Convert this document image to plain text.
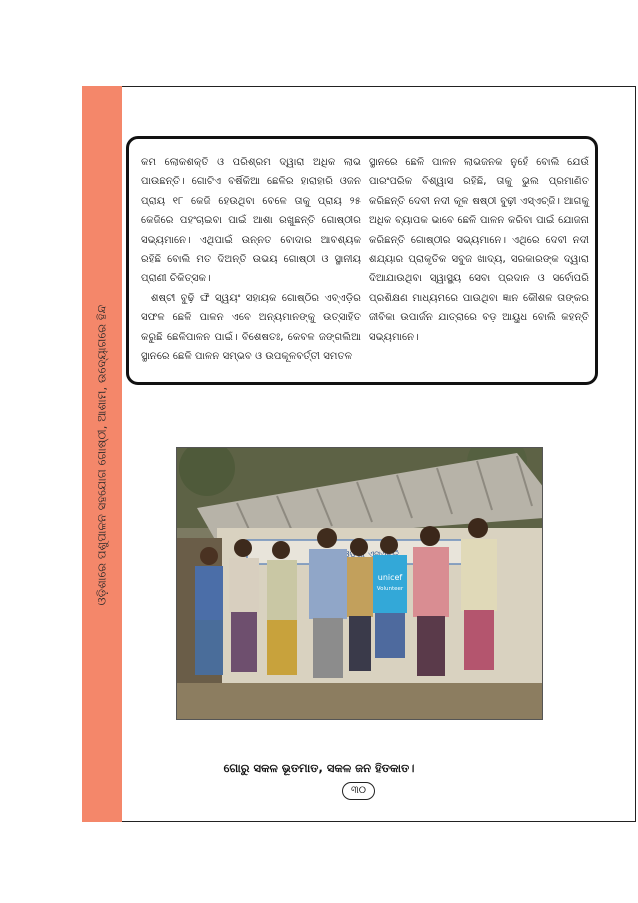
ଓଡ଼ିଶାରେ ପଶୁପାଳନ ସହଯୋଗ ଗୋଷ୍ଠୀ, ଆଶାମ, ଉଦ୍ୟୋଗରେ ହିନ୍ଦ

କମ ଲୋକଶକ୍ତି ଓ ପରିଶ୍ରମ ଦ୍ୱାରା ଅଧିକ ଲାଭ ପାଉଛନ୍ତି। ଗୋଟିଏ ବର୍ଷିକିଆ ଛେଳିର ହାରାହାରି ଓଜନ ପ୍ରାୟ ୧୮ କେଜି ହେଉଥିବା ବେଳେ ତାକୁ ପ୍ରାୟ ୨୫ କେଜିରେ ପହଂଚାଇବା ପାଇଁ ଆଶା ରଖୁଛନ୍ତି ଗୋଷ୍ଠୀର ସଭ୍ୟମାନେ। ଏଥିପାଇଁ ଉନ୍ନତ ବୋଦାର ଆବଶ୍ୟକ ରହିଛି ବୋଲି ମତ ଦିଅନ୍ତି ଉଭୟ ଗୋଷ୍ଠୀ ଓ ସ୍ଥାନୀୟ ପ୍ରାଣୀ ଚିକିତ୍ସକ।

ଶଷ୍ଟୀ ବୁଢ଼ି ଙ୍ଘି ସ୍ୱୟଂ ସହାୟକ ଗୋଷ୍ଠିର ଏବ୍‌ଏଡ଼ିର ସଫଳ ଛେଳି ପାଳନ ଏବେ ଅନ୍ୟମାନଙ୍କୁ ଉତ୍ସାହିତ କରୁଛି ଛେଳିପାଳନ ପାଇଁ। ବିଶେଷତଃ, କେବଳ ଜଙ୍ଗଲିଆ ସ୍ଥାନରେ ଛେଳି ପାଳନ ସମ୍ଭବ ଓ ଉପକୂଳବର୍ତ୍ତୀ ସମତଳ

ସ୍ଥାନରେ ଛେଳି ପାଳନ ଲାଭଜନକ ନୁହେଁ ବୋଲି ଯେଉଁ ପାରଂପରିକ ବିଶ୍ୱାସ ରହିଛି, ତାକୁ ଭୁଲ ପ୍ରମାଣିତ କରିଛନ୍ତି ଦେବୀ ନଦୀ କୂଳ ଷଷ୍ଠୀ ବୁଢ଼ୀ ଏସ୍‌ଏଚ୍‌ଜି। ଆଗକୁ ଅଧିକ ବ୍ୟାପକ ଭାବେ ଛେଳି ପାଳନ କରିବା ପାଇଁ ଯୋଜନା କରିଛନ୍ତି ଗୋଷ୍ଠୀର ସଭ୍ୟମାନେ। ଏଥିରେ ଦେବୀ ନଦୀ ଶଯ୍ୟାର ପ୍ରାକୃତିକ ସବୁଜ ଖାଦ୍ୟ, ସରକାରଙ୍କ ଦ୍ୱାରା ଦିଆଯାଉଥିବା ସ୍ୱାସ୍ଥ୍ୟ ସେବା ପ୍ରଦାନ ଓ ସର୍ବୋପରି ପ୍ରଶିକ୍ଷଣ ମାଧ୍ୟମରେ ପାଉଥିବା ଜ୍ଞାନ କୌଶଳ ତାଙ୍କର ଜୀବିକା ଉପାର୍ଜନ ଯାତ୍ରାରେ ବଡ଼ ଆୟୁଧ ବୋଲି କହନ୍ତି ସଭ୍ୟମାନେ।

ଓଡ଼ିଶା
unicef
Volunteer
ଗୋରୁ ସକଳ ଭୂତମାତ, ସକଳ ଜନ ହିତକାତ।
୩୦
